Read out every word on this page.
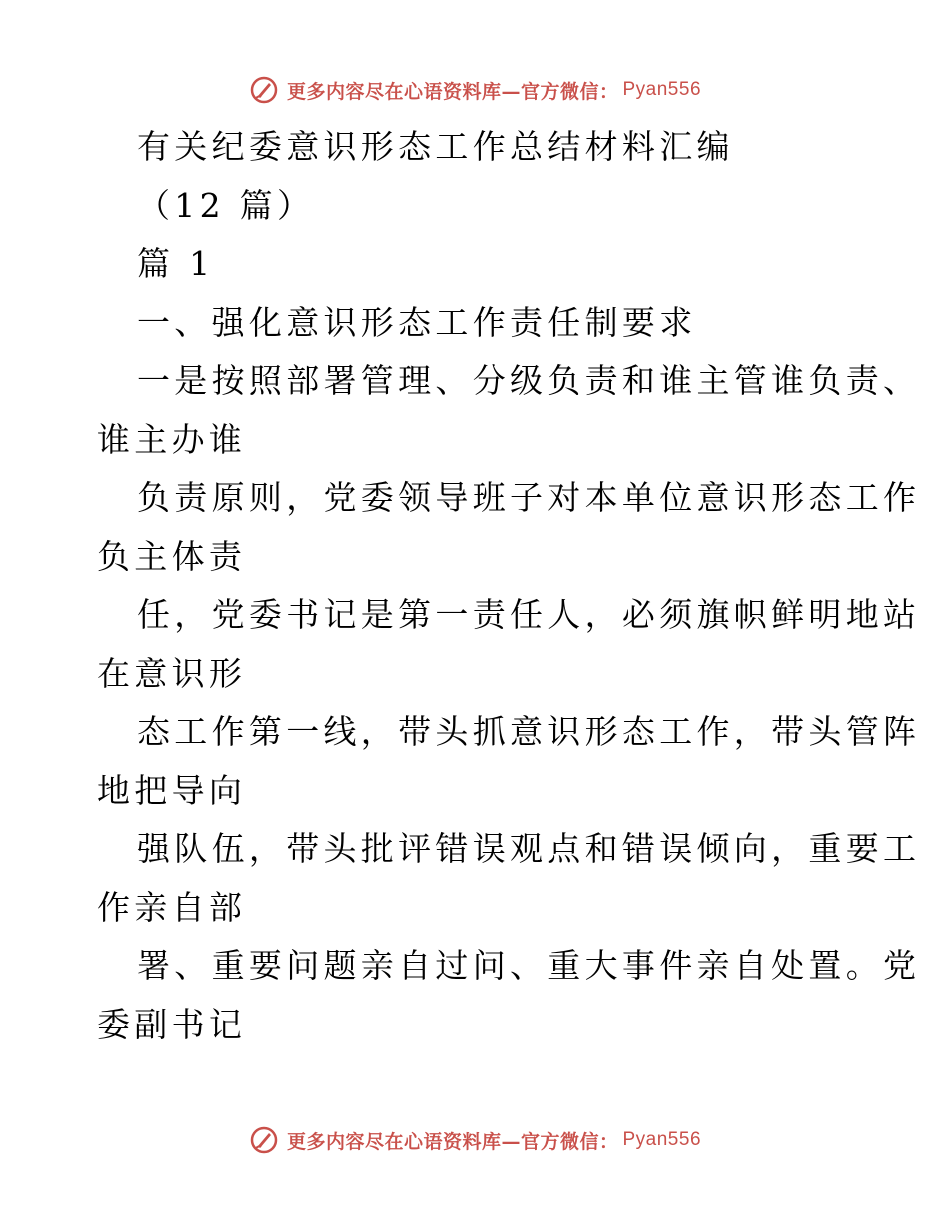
更多内容尽在心语资料库—官方微信： Pyan556
有关纪委意识形态工作总结材料汇编
（12 篇）
篇 1
一、强化意识形态工作责任制要求
一是按照部署管理、分级负责和谁主管谁负责、
谁主办谁
负责原则，党委领导班子对本单位意识形态工作
负主体责
任，党委书记是第一责任人，必须旗帜鲜明地站
在意识形
态工作第一线，带头抓意识形态工作，带头管阵
地把导向
强队伍，带头批评错误观点和错误倾向，重要工
作亲自部
署、重要问题亲自过问、重大事件亲自处置。党
委副书记
更多内容尽在心语资料库—官方微信： Pyan556
